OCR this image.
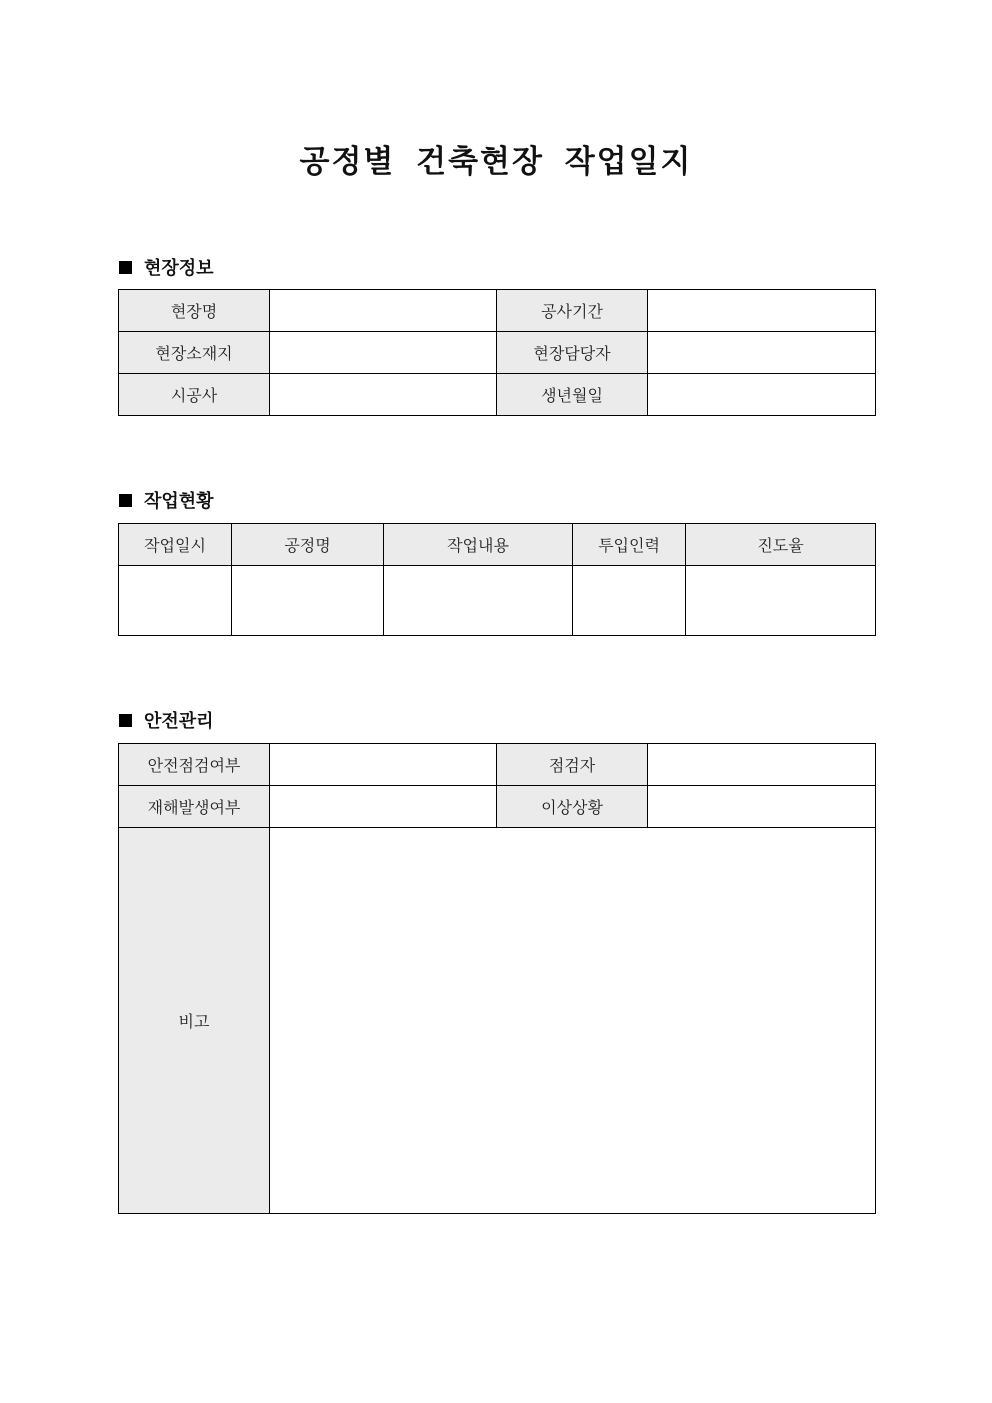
공정별 건축현장 작업일지
현장정보
현장명		공사기간	
현장소재지		현장담당자	
시공사		생년월일	
작업현황
작업일시	공정명	작업내용	투입인력	진도율

안전관리
안전점검여부		점검자	
재해발생여부		이상상황	
비고			
